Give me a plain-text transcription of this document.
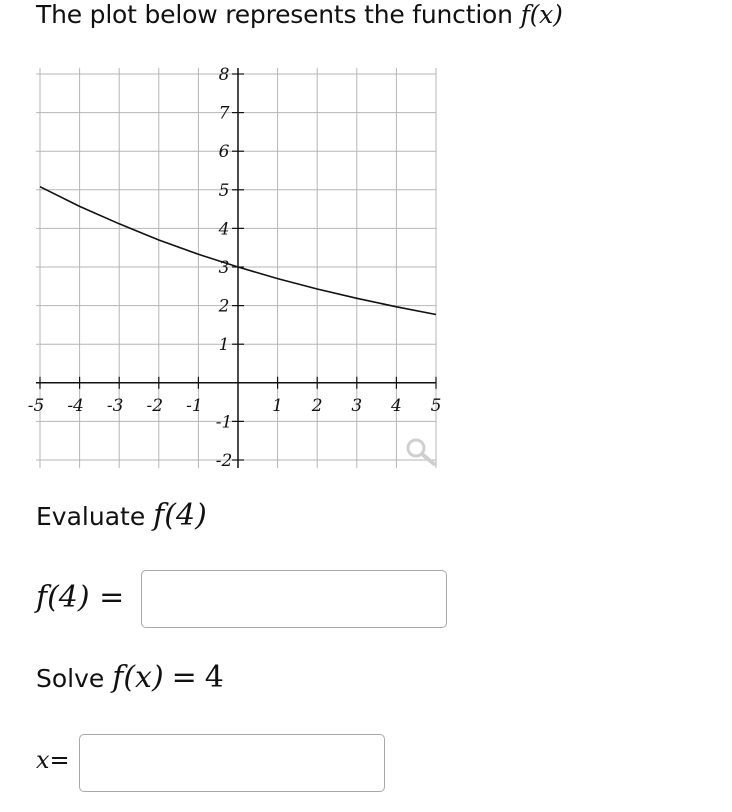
The plot below represents the function f(x)
-5 -4 -3 -2 -1	1 2 3 4 5
8
7
6
5
4
3
2
1
-1
-2
Evaluate f(4)
f(4) =
Solve f(x) = 4
x=
